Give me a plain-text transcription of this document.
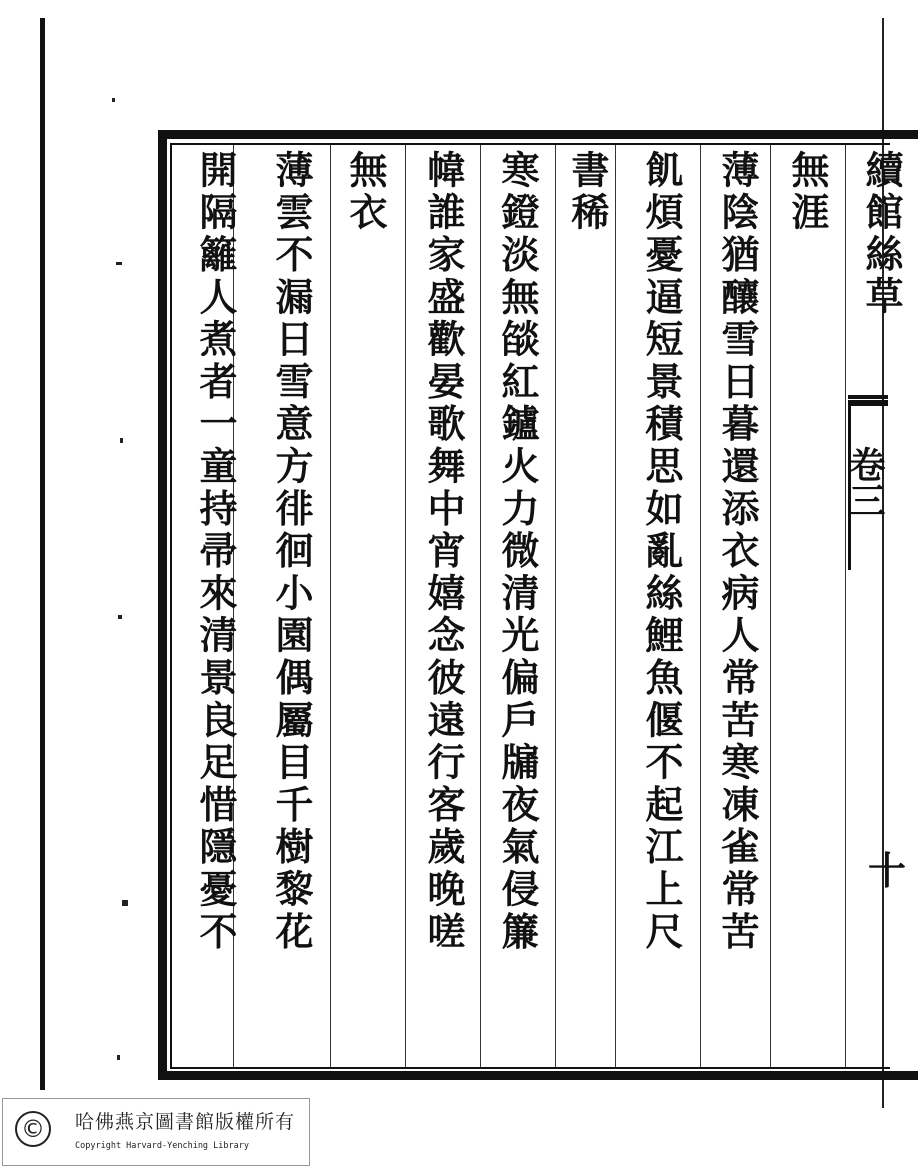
無涯
薄陰猶釀雪日暮還添衣病人常苦寒凍雀常苦
飢煩憂逼短景積思如亂絲鯉魚偃不起江上尺
書稀
寒鐙淡無燄紅鑪火力微清光偏戶牖夜氣侵簾
幃誰家盛歡晏歌舞中宵嬉念彼遠行客歲晚嗟
無衣
薄雲不漏日雪意方徘徊小園偶屬目千樹黎花
開隔籬人煮者一童持帚來清景良足惜隱憂不	續館絲草
卷三
十
©	哈佛燕京圖書館版權所有
Copyright Harvard-Yenching Library
